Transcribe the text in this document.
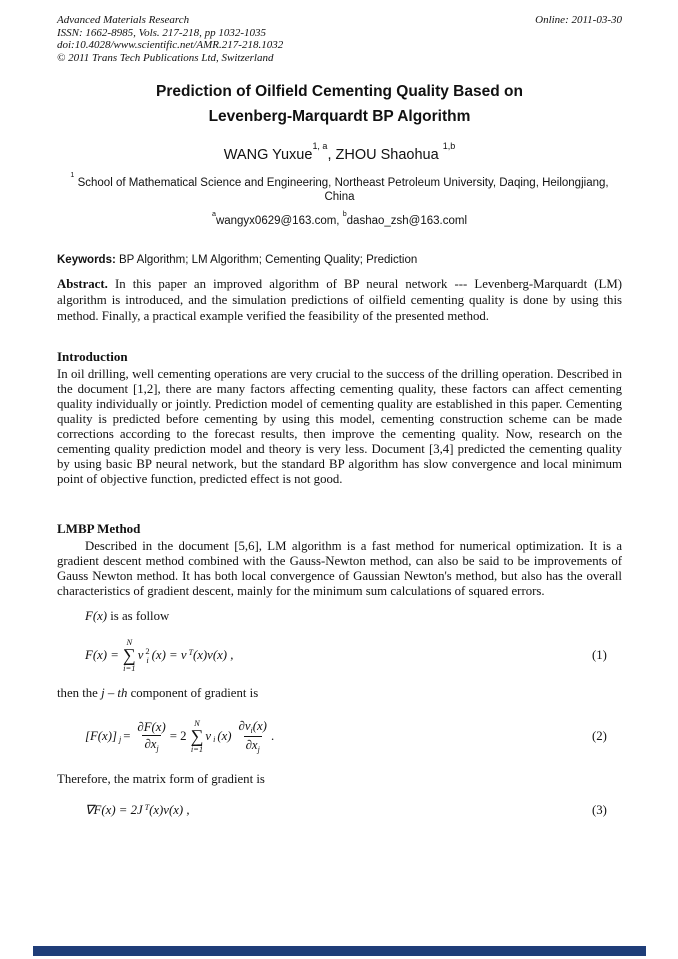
Advanced Materials Research
ISSN: 1662-8985, Vols. 217-218, pp 1032-1035
doi:10.4028/www.scientific.net/AMR.217-218.1032
© 2011 Trans Tech Publications Ltd, Switzerland
Online: 2011-03-30
Prediction of Oilfield Cementing Quality Based on
Levenberg-Marquardt BP Algorithm
WANG Yuxue$^{1, a}$, ZHOU Shaohua $^{1,b}$
$^1$ School of Mathematical Science and Engineering, Northeast Petroleum University, Daqing, Heilongjiang, China
$^a$wangyx0629@163.com, $^b$dashao_zsh@163.coml
Keywords: BP Algorithm; LM Algorithm; Cementing Quality; Prediction
Abstract. In this paper an improved algorithm of BP neural network --- Levenberg-Marquardt (LM) algorithm is introduced, and the simulation predictions of oilfield cementing quality is done by using this method. Finally, a practical example verified the feasibility of the presented method.
Introduction
In oil drilling, well cementing operations are very crucial to the success of the drilling operation. Described in the document [1,2], there are many factors affecting cementing quality, these factors can affect cementing quality individually or jointly. Prediction model of cementing quality are established in this paper. Cementing quality is predicted before cementing by using this model, cementing construction scheme can be made corrections according to the forecast results, then improve the cementing quality. Now, research on the cementing quality prediction model and theory is very less. Document [3,4] predicted the cementing quality by using basic BP neural network, but the standard BP algorithm has slow convergence and local minimum point of objective function, predicted effect is not good.
LMBP Method
Described in the document [5,6], LM algorithm is a fast method for numerical optimization. It is a gradient descent method combined with the Gauss-Newton method, can also be said to be improvements of Gauss Newton method. It has both local convergence of Gaussian Newton's method, but also has the overall characteristics of gradient descent, mainly for the minimum sum calculations of squared errors.
F(x) is as follow
F(x) =
N
∑
i=1
v 2
i (x) = v $^T$ (x)v(x) ,	(1)
then the j – th component of gradient is
[F(x)] $j = \frac{\partial F(x)}{\partial x_j} = 2$
N
∑
i=1
v i $(x) \frac{\partial v_i(x)}{\partial x_j}$ .	(2)
Therefore, the matrix form of gradient is
∇F(x) = 2J $^T$ (x)v(x) ,	(3)
